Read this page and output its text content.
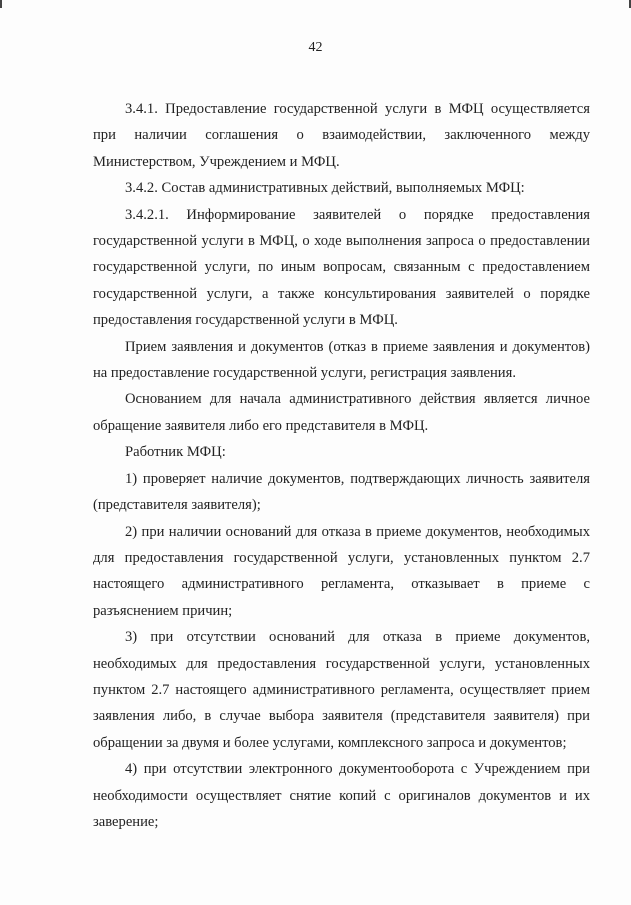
42

3.4.1. Предоставление государственной услуги в МФЦ осуществляется при наличии соглашения о взаимодействии, заключенного между Министерством, Учреждением и МФЦ.

3.4.2. Состав административных действий, выполняемых МФЦ:

3.4.2.1. Информирование заявителей о порядке предоставления государственной услуги в МФЦ, о ходе выполнения запроса о предоставлении государственной услуги, по иным вопросам, связанным с предоставлением государственной услуги, а также консультирования заявителей о порядке предоставления государственной услуги в МФЦ.

Прием заявления и документов (отказ в приеме заявления и документов) на предоставление государственной услуги, регистрация заявления.

Основанием для начала административного действия является личное обращение заявителя либо его представителя в МФЦ.

Работник МФЦ:

1) проверяет наличие документов, подтверждающих личность заявителя (представителя заявителя);

2) при наличии оснований для отказа в приеме документов, необходимых для предоставления государственной услуги, установленных пунктом 2.7 настоящего административного регламента, отказывает в приеме с разъяснением причин;

3) при отсутствии оснований для отказа в приеме документов, необходимых для предоставления государственной услуги, установленных пунктом 2.7 настоящего административного регламента, осуществляет прием заявления либо, в случае выбора заявителя (представителя заявителя) при обращении за двумя и более услугами, комплексного запроса и документов;

4) при отсутствии электронного документооборота с Учреждением при необходимости осуществляет снятие копий с оригиналов документов и их заверение;
